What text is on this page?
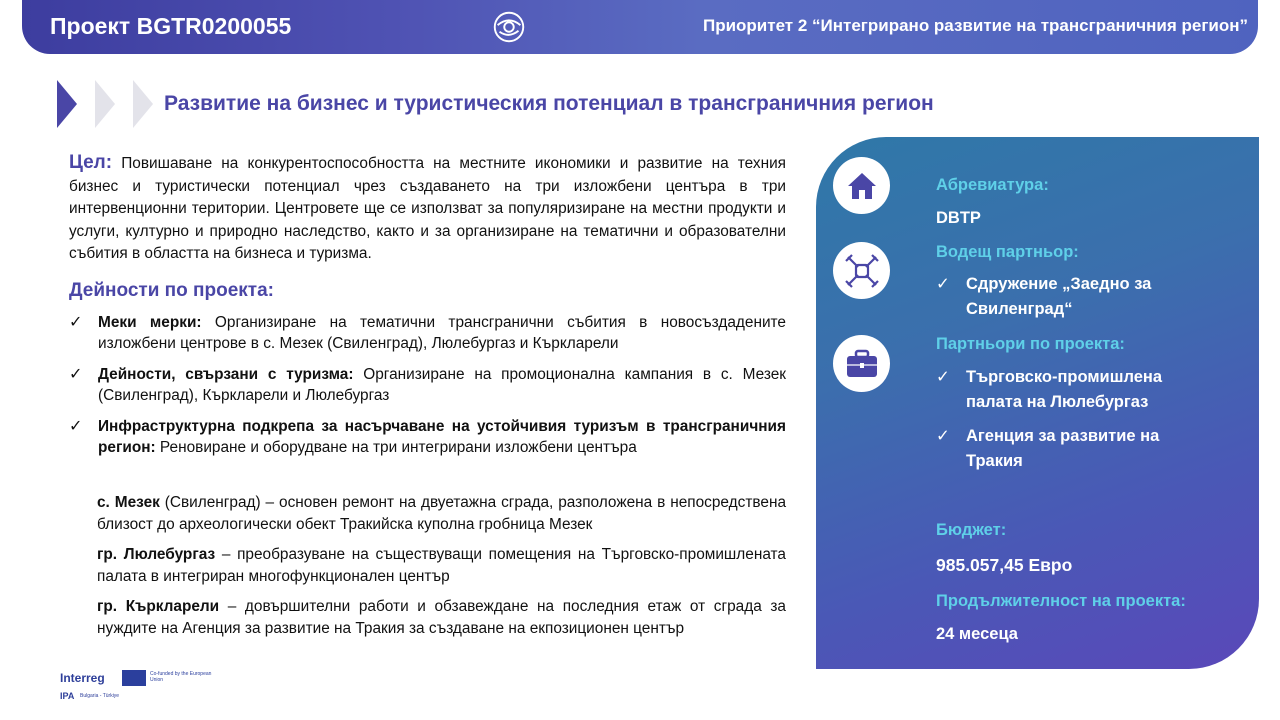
Проект BGTR0200055	Приоритет 2 “Интегрирано развитие на трансграничния регион”
Развитие на бизнес и туристическия потенциал в трансграничния регион
Цел: Повишаване на конкурентоспособността на местните икономики и развитие на техния бизнес и туристически потенциал чрез създаването на три изложбени центъра в три интервенционни територии. Центровете ще се използват за популяризиране на местни продукти и услуги, културно и природно наследство, както и за организиране на тематични и образователни събития в областта на бизнеса и туризма.
Дейности по проекта:
✓ Меки мерки: Организиране на тематични трансгранични събития в новосъздадените изложбени центрове в с. Мезек (Свиленград), Люлебургаз и Къркларели
✓ Дейности, свързани с туризма: Организиране на промоционална кампания в с. Мезек (Свиленград), Къркларели и Люлебургаз
✓ Инфраструктурна подкрепа за насърчаване на устойчивия туризъм в трансграничния регион: Реновиране и оборудване на три интегрирани изложбени центъра
с. Мезек (Свиленград) – основен ремонт на двуетажна сграда, разположена в непосредствена близост до археологически обект Тракийска куполна гробница Мезек
гр. Люлебургаз – преобразуване на съществуващи помещения на Търговско-промишлената палата в интегриран многофункционален център
гр. Къркларели – довършителни работи и обзавеждане на последния етаж от сграда за нуждите на Агенция за развитие на Тракия за създаване на екпозиционен център
Абревиатура:
DBTP
Водещ партньор:
✓ Сдружение „Заедно за Свиленград“
Партньори по проекта:
✓ Търговско-промишлена палата на Люлебургаз
✓ Агенция за развитие на Тракия
Бюджет:
985.057,45 Евро
Продължителност на проекта:
24 месеца
Interreg
IPA Bulgaria - Türkiye
Co-funded by the European Union
